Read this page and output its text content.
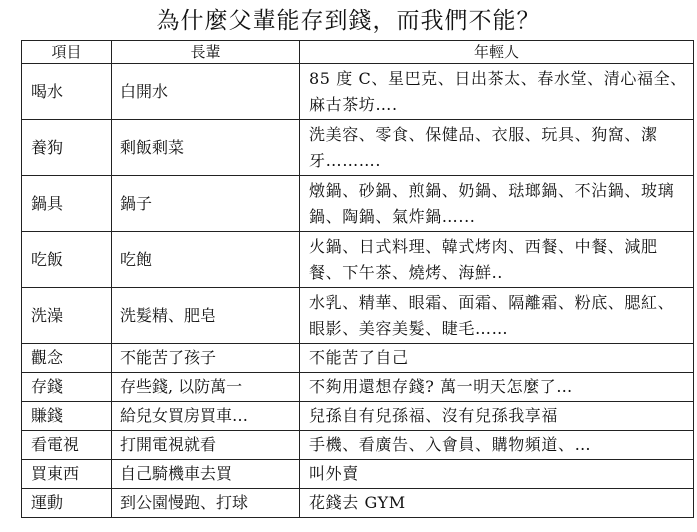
為什麼父輩能存到錢，而我們不能？
項目	長輩	年輕人
喝水	白開水	85 度 C、星巴克、日出茶太、春水堂、清心福全、麻古茶坊….
養狗	剩飯剩菜	洗美容、零食、保健品、衣服、玩具、狗窩、潔牙……….
鍋具	鍋子	燉鍋、砂鍋、煎鍋、奶鍋、琺瑯鍋、不沾鍋、玻璃鍋、陶鍋、氣炸鍋…...
吃飯	吃飽	火鍋、日式料理、韓式烤肉、西餐、中餐、減肥餐、下午茶、燒烤、海鮮..
洗澡	洗髮精、肥皂	水乳、精華、眼霜、面霜、隔離霜、粉底、腮紅、眼影、美容美髮、睫毛……
觀念	不能苦了孩子	不能苦了自己
存錢	存些錢, 以防萬一	不夠用還想存錢? 萬一明天怎麼了…
賺錢	給兒女買房買車…	兒孫自有兒孫福、沒有兒孫我享福
看電視	打開電視就看	手機、看廣告、入會員、購物頻道、…
買東西	自己騎機車去買	叫外賣
運動	到公園慢跑、打球	花錢去 GYM
